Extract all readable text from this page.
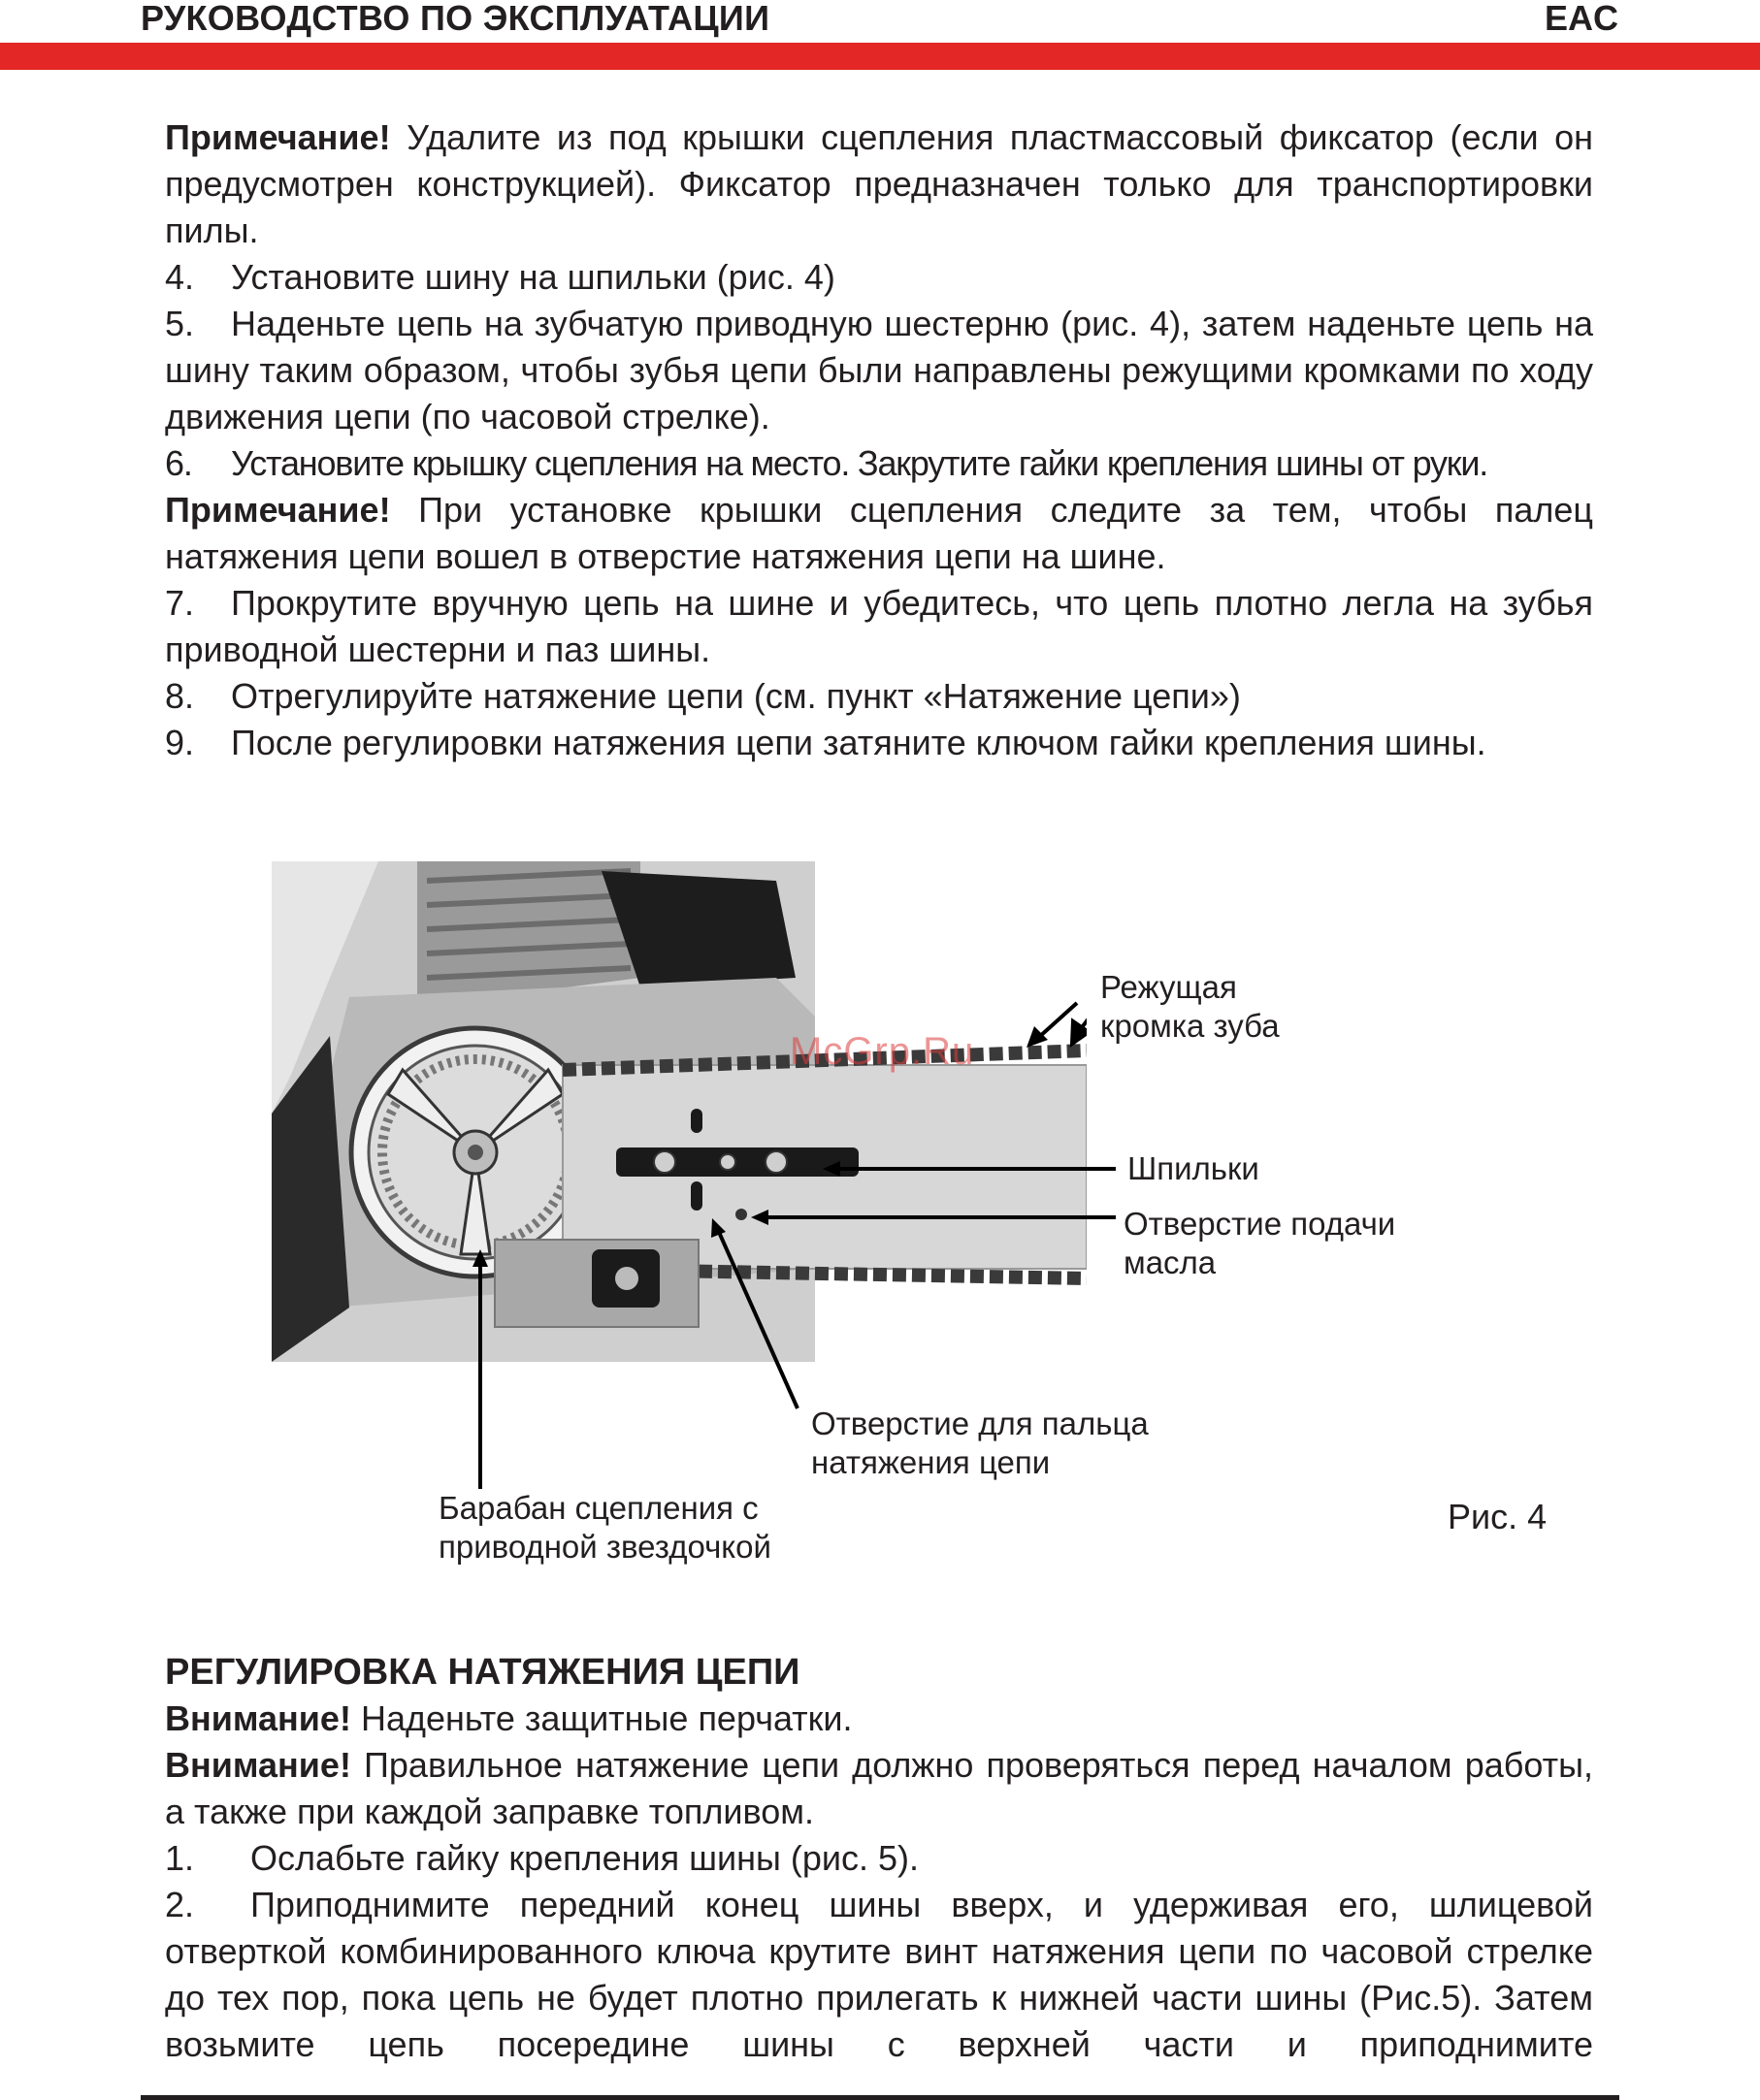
РУКОВОДСТВО ПО ЭКСПЛУАТАЦИИ	EAC

Примечание! Удалите из под крышки сцепления пластмассовый фиксатор (если он предусмотрен конструкцией). Фиксатор предназначен только для транспортировки пилы.

4. Установите шину на шпильки (рис. 4)

5. Наденьте цепь на зубчатую приводную шестерню (рис. 4), затем наденьте цепь на шину таким образом, чтобы зубья цепи были направлены режущими кромками по ходу движения цепи (по часовой стрелке).

6. Установите крышку сцепления на место. Закрутите гайки крепления шины от руки.

Примечание! При установке крышки сцепления следите за тем, чтобы палец натяжения цепи вошел в отверстие натяжения цепи на шине.

7. Прокрутите вручную цепь на шине и убедитесь, что цепь плотно легла на зубья приводной шестерни и паз шины.

8. Отрегулируйте натяжение цепи (см. пункт «Натяжение цепи»)

9. После регулировки натяжения цепи затяните ключом гайки крепления шины.

McGrp.Ru
Режущая
кромка зуба
Шпильки
Отверстие подачи
масла
Отверстие для пальца
натяжения цепи
Барабан сцепления с
приводной звездочкой
Рис. 4
РЕГУЛИРОВКА НАТЯЖЕНИЯ ЦЕПИ

Внимание! Наденьте защитные перчатки.

Внимание! Правильное натяжение цепи должно проверяться перед началом работы, а также при каждой заправке топливом.

1. Ослабьте гайку крепления шины (рис. 5).

2. Приподнимите передний конец шины вверх, и удерживая его, шлицевой отверткой комбинированного ключа крутите винт натяжения цепи по часовой стрелке до тех пор, пока цепь не будет плотно прилегать к нижней части шины (Рис.5). Затем возьмите цепь посередине шины с верхней части и приподнимите
